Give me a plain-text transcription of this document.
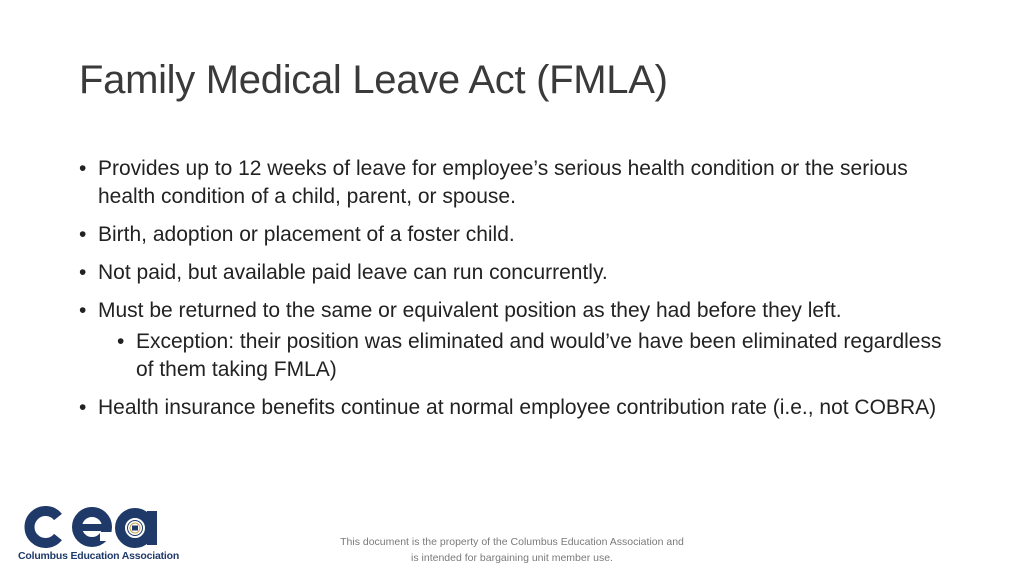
Family Medical Leave Act (FMLA)
• Provides up to 12 weeks of leave for employee’s serious health condition or the serious health condition of a child, parent, or spouse.
• Birth, adoption or placement of a foster child.
• Not paid, but available paid leave can run concurrently.
• Must be returned to the same or equivalent position as they had before they left.
• Exception: their position was eliminated and would’ve have been eliminated regardless of them taking FMLA)
• Health insurance benefits continue at normal employee contribution rate (i.e., not COBRA)
Columbus Education Association
This document is the property of the Columbus Education Association and is intended for bargaining unit member use.
